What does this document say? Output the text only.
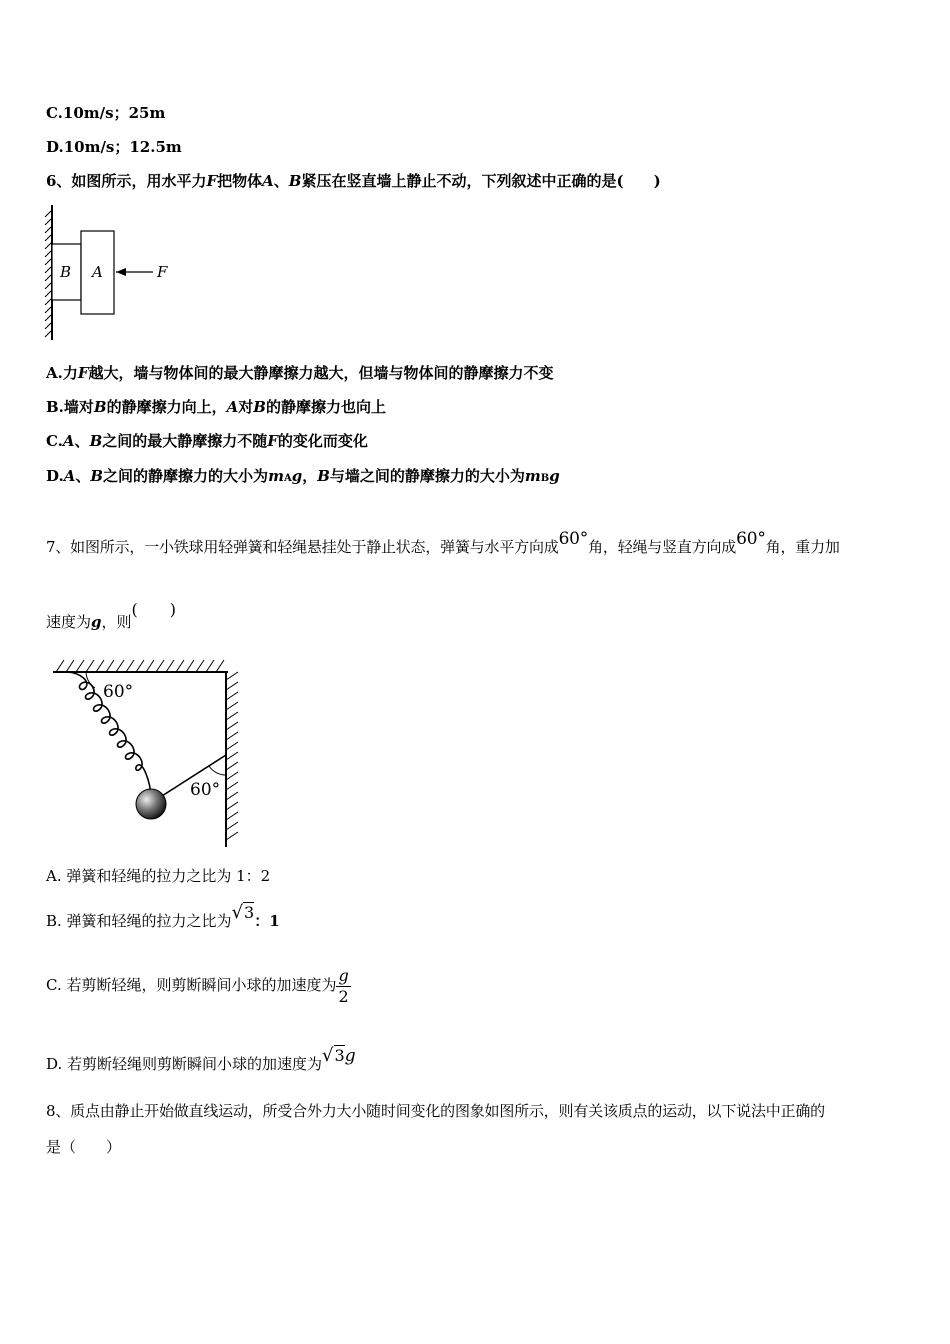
C.10m/s；25m
D.10m/s；12.5m
6、如图所示，用水平力F把物体A、B紧压在竖直墙上静止不动，下列叙述中正确的是(　　)
B A	F
A.力F越大，墙与物体间的最大静摩擦力越大，但墙与物体间的静摩擦力不变
B.墙对B的静摩擦力向上，A对B的静摩擦力也向上
C.A、B之间的最大静摩擦力不随F的变化而变化
D.A、B之间的静摩擦力的大小为mAg，B与墙之间的静摩擦力的大小为mBg
7、如图所示，一小铁球用轻弹簧和轻绳悬挂处于静止状态，弹簧与水平方向成60°角，轻绳与竖直方向成60°角，重力加
速度为g，则(　　)
60°
60°
A. 弹簧和轻绳的拉力之比为 1：2
B. 弹簧和轻绳的拉力之比为√3：1
C. 若剪断轻绳，则剪断瞬间小球的加速度为 $\frac{g}{2}$
D. 若剪断轻绳则剪断瞬间小球的加速度为√3g
8、质点由静止开始做直线运动，所受合外力大小随时间变化的图象如图所示，则有关该质点的运动，以下说法中正确的
是（　　）
